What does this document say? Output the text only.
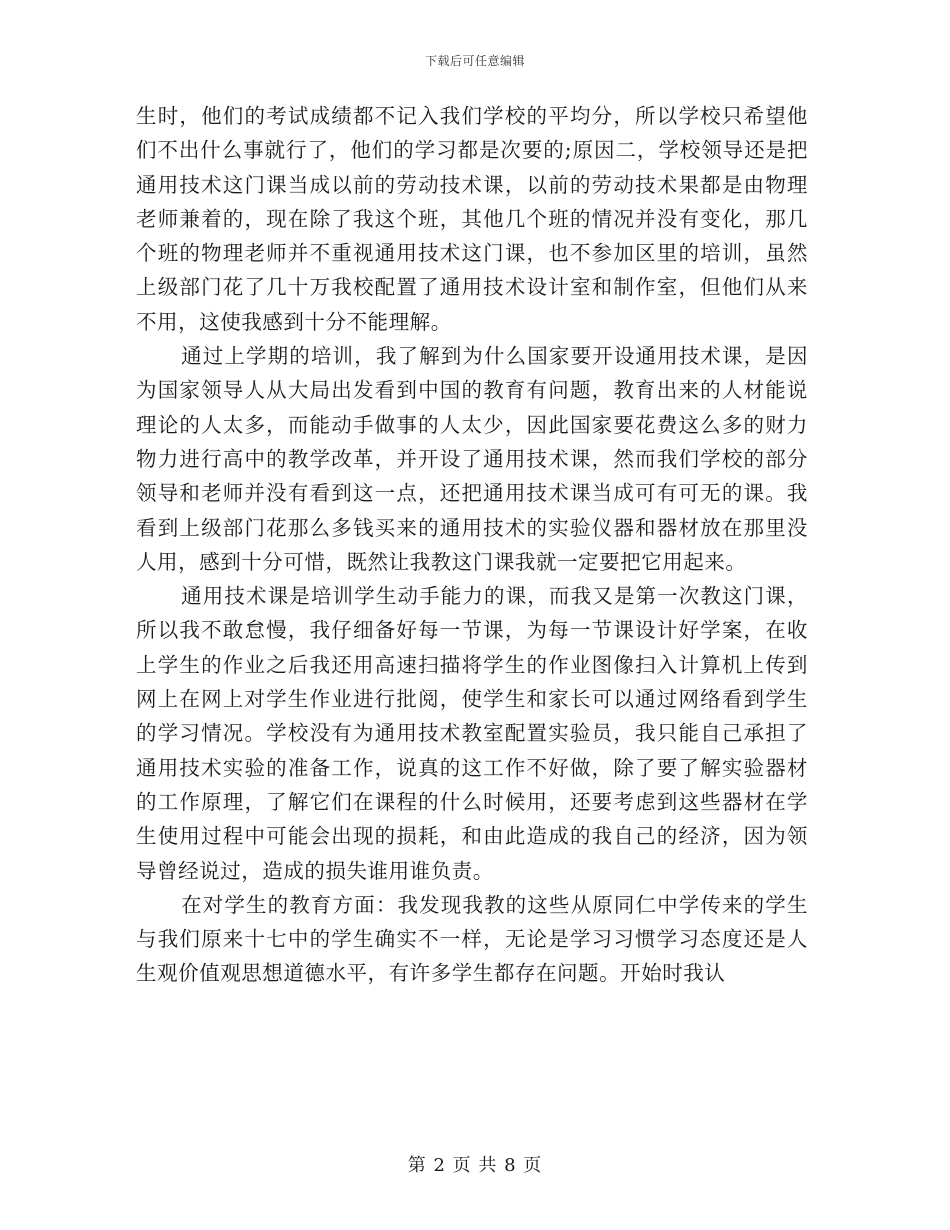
下载后可任意编辑

生时，他们的考试成绩都不记入我们学校的平均分，所以学校只希望他们不出什么事就行了，他们的学习都是次要的;原因二，学校领导还是把通用技术这门课当成以前的劳动技术课，以前的劳动技术果都是由物理老师兼着的，现在除了我这个班，其他几个班的情况并没有变化，那几个班的物理老师并不重视通用技术这门课，也不参加区里的培训，虽然上级部门花了几十万我校配置了通用技术设计室和制作室，但他们从来不用，这使我感到十分不能理解。

通过上学期的培训，我了解到为什么国家要开设通用技术课，是因为国家领导人从大局出发看到中国的教育有问题，教育出来的人材能说理论的人太多，而能动手做事的人太少，因此国家要花费这么多的财力物力进行高中的教学改革，并开设了通用技术课，然而我们学校的部分领导和老师并没有看到这一点，还把通用技术课当成可有可无的课。我看到上级部门花那么多钱买来的通用技术的实验仪器和器材放在那里没人用，感到十分可惜，既然让我教这门课我就一定要把它用起来。

通用技术课是培训学生动手能力的课，而我又是第一次教这门课，所以我不敢怠慢，我仔细备好每一节课，为每一节课设计好学案，在收上学生的作业之后我还用高速扫描将学生的作业图像扫入计算机上传到网上在网上对学生作业进行批阅，使学生和家长可以通过网络看到学生的学习情况。学校没有为通用技术教室配置实验员，我只能自己承担了通用技术实验的准备工作，说真的这工作不好做，除了要了解实验器材的工作原理，了解它们在课程的什么时候用，还要考虑到这些器材在学生使用过程中可能会出现的损耗，和由此造成的我自己的经济，因为领导曾经说过，造成的损失谁用谁负责。

在对学生的教育方面：我发现我教的这些从原同仁中学传来的学生与我们原来十七中的学生确实不一样，无论是学习习惯学习态度还是人生观价值观思想道德水平，有许多学生都存在问题。开始时我认

第 2 页 共 8 页
